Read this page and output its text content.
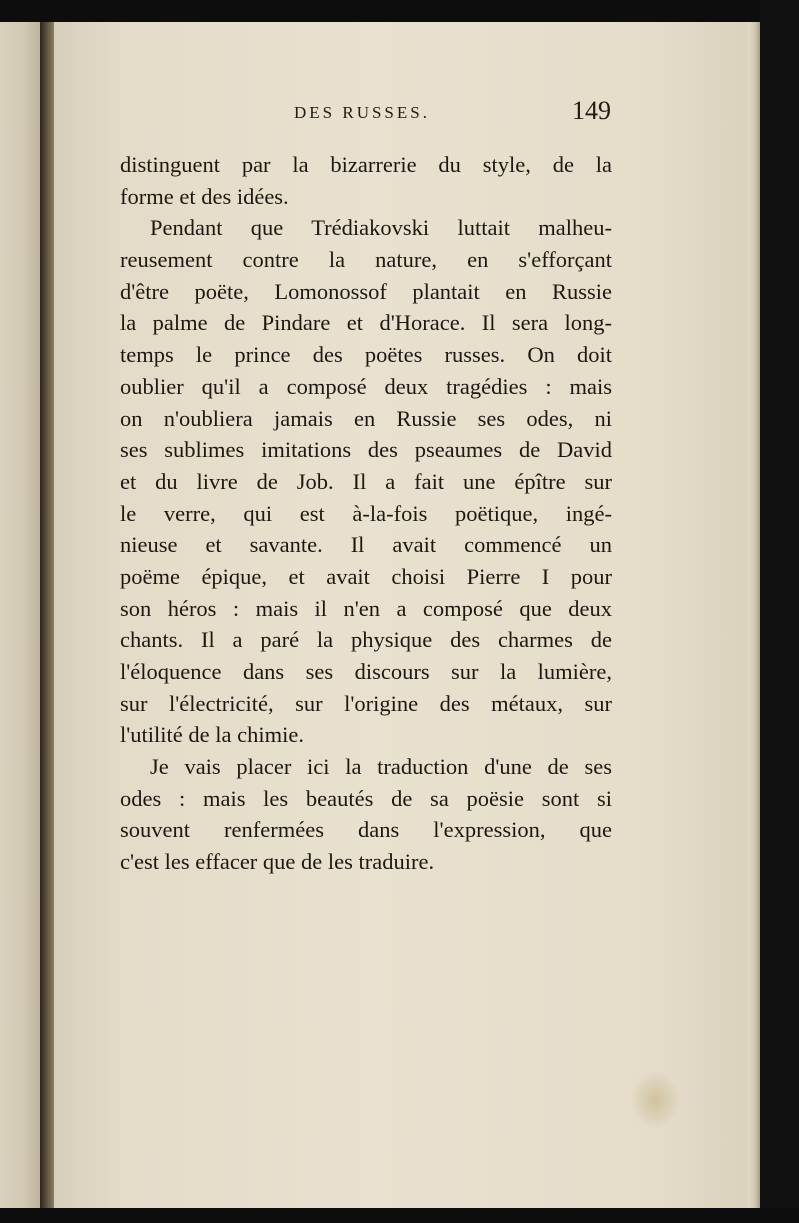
DES RUSSES.	149
distinguent par la bizarrerie du style, de la
forme et des idées.
Pendant que Trédiakovski luttait malheu-
reusement contre la nature, en s'efforçant
d'être poëte, Lomonossof plantait en Russie
la palme de Pindare et d'Horace. Il sera long-
temps le prince des poëtes russes. On doit
oublier qu'il a composé deux tragédies : mais
on n'oubliera jamais en Russie ses odes, ni
ses sublimes imitations des pseaumes de David
et du livre de Job. Il a fait une épître sur
le verre, qui est à-la-fois poëtique, ingé-
nieuse et savante. Il avait commencé un
poëme épique, et avait choisi Pierre I pour
son héros : mais il n'en a composé que deux
chants. Il a paré la physique des charmes de
l'éloquence dans ses discours sur la lumière,
sur l'électricité, sur l'origine des métaux, sur
l'utilité de la chimie.
Je vais placer ici la traduction d'une de ses
odes : mais les beautés de sa poësie sont si
souvent renfermées dans l'expression, que
c'est les effacer que de les traduire.
